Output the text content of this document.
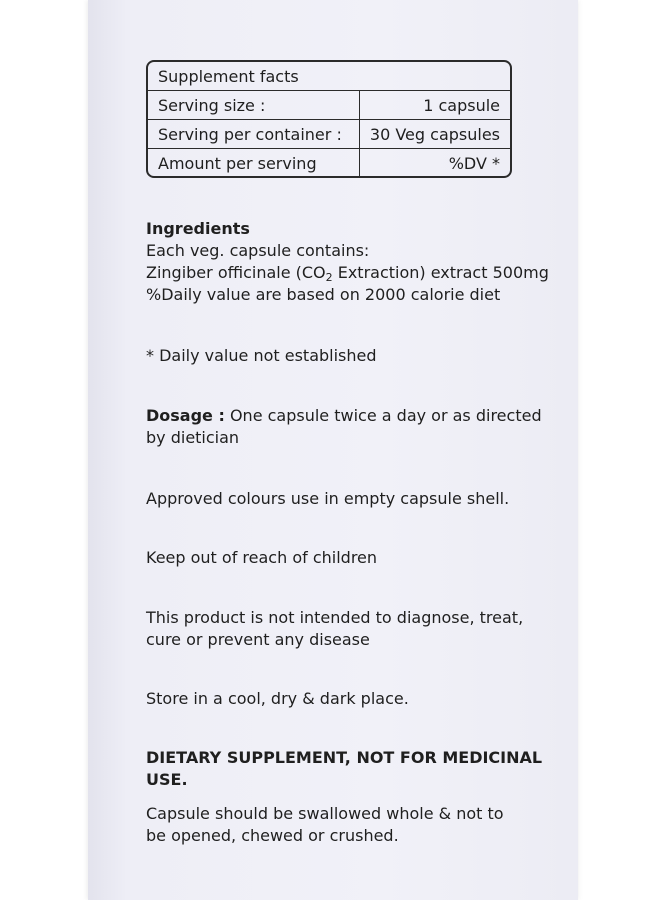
Supplement facts
Serving size :	1 capsule
Serving per container :	30 Veg capsules
Amount per serving	%DV *
Ingredients
Each veg. capsule contains:
Zingiber officinale ($CO_2$ Extraction) extract 500mg
%Daily value are based on 2000 calorie diet
* Daily value not established
Dosage : One capsule twice a day or as directed
by dietician
Approved colours use in empty capsule shell.
Keep out of reach of children
This product is not intended to diagnose, treat,
cure or prevent any disease
Store in a cool, dry & dark place.
DIETARY SUPPLEMENT, NOT FOR MEDICINAL USE.
Capsule should be swallowed whole & not to
be opened, chewed or crushed.
